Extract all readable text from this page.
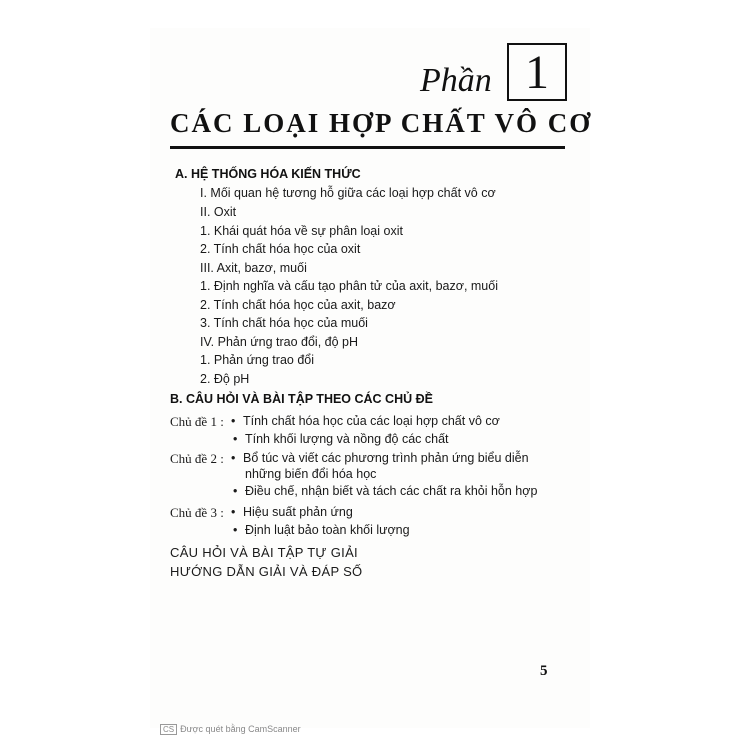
Phần 1
CÁC LOẠI HỢP CHẤT VÔ CƠ
A. HỆ THỐNG HÓA KIẾN THỨC
I. Mối quan hệ tương hỗ giữa các loại hợp chất vô cơ
II. Oxit
1. Khái quát hóa về sự phân loại oxit
2. Tính chất hóa học của oxit
III. Axit, bazơ, muối
1. Định nghĩa và cấu tạo phân tử của axit, bazơ, muối
2. Tính chất hóa học của axit, bazơ
3. Tính chất hóa học của muối
IV. Phản ứng trao đổi, độ pH
1. Phản ứng trao đổi
2. Độ pH
B. CÂU HỎI VÀ BÀI TẬP THEO CÁC CHỦ ĐỀ
Chủ đề 1 : • Tính chất hóa học của các loại hợp chất vô cơ
• Tính khối lượng và nồng độ các chất
Chủ đề 2 : • Bổ túc và viết các phương trình phản ứng biểu diễn
những biến đổi hóa học
• Điều chế, nhận biết và tách các chất ra khỏi hỗn hợp
Chủ đề 3 : • Hiệu suất phản ứng
• Định luật bảo toàn khối lượng
CÂU HỎI VÀ BÀI TẬP TỰ GIẢI
HƯỚNG DẪN GIẢI VÀ ĐÁP SỐ
5
CS Được quét bằng CamScanner
